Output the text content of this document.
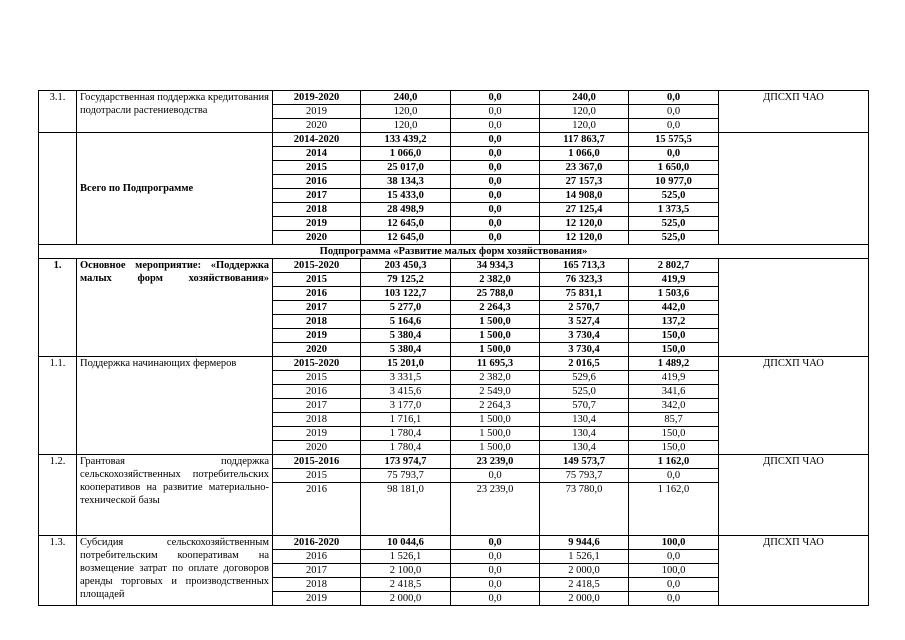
3.1.	Государственная поддержка кредитования подотрасли растениеводства	2019-2020	240,0	0,0	240,0	0,0	ДПСХП ЧАО
		2019	120,0	0,0	120,0	0,0	
		2020	120,0	0,0	120,0	0,0	
	Всего по Подпрограмме	2014-2020	133 439,2	0,0	117 863,7	15 575,5	
		2014	1 066,0	0,0	1 066,0	0,0	
		2015	25 017,0	0,0	23 367,0	1 650,0	
		2016	38 134,3	0,0	27 157,3	10 977,0	
		2017	15 433,0	0,0	14 908,0	525,0	
		2018	28 498,9	0,0	27 125,4	1 373,5	
		2019	12 645,0	0,0	12 120,0	525,0	
		2020	12 645,0	0,0	12 120,0	525,0	
Подпрограмма «Развитие малых форм хозяйствования»							
1.	Основное мероприятие: «Поддержка малых форм хозяйствования»	2015-2020	203 450,3	34 934,3	165 713,3	2 802,7	
		2015	79 125,2	2 382,0	76 323,3	419,9	
		2016	103 122,7	25 788,0	75 831,1	1 503,6	
		2017	5 277,0	2 264,3	2 570,7	442,0	
		2018	5 164,6	1 500,0	3 527,4	137,2	
		2019	5 380,4	1 500,0	3 730,4	150,0	
		2020	5 380,4	1 500,0	3 730,4	150,0	
1.1.	Поддержка начинающих фермеров	2015-2020	15 201,0	11 695,3	2 016,5	1 489,2	ДПСХП ЧАО
		2015	3 331,5	2 382,0	529,6	419,9	
		2016	3 415,6	2 549,0	525,0	341,6	
		2017	3 177,0	2 264,3	570,7	342,0	
		2018	1 716,1	1 500,0	130,4	85,7	
		2019	1 780,4	1 500,0	130,4	150,0	
		2020	1 780,4	1 500,0	130,4	150,0	
1.2.	Грантовая поддержка сельскохозяйственных потребительских кооперативов на развитие материально-технической базы	2015-2016	173 974,7	23 239,0	149 573,7	1 162,0	ДПСХП ЧАО
		2015	75 793,7	0,0	75 793,7	0,0	
		2016	98 181,0	23 239,0	73 780,0	1 162,0	
1.3.	Субсидия сельскохозяйственным потребительским кооперативам на возмещение затрат по оплате договоров аренды торговых и производственных площадей	2016-2020	10 044,6	0,0	9 944,6	100,0	ДПСХП ЧАО
		2016	1 526,1	0,0	1 526,1	0,0	
		2017	2 100,0	0,0	2 000,0	100,0	
		2018	2 418,5	0,0	2 418,5	0,0	
		2019	2 000,0	0,0	2 000,0	0,0	
